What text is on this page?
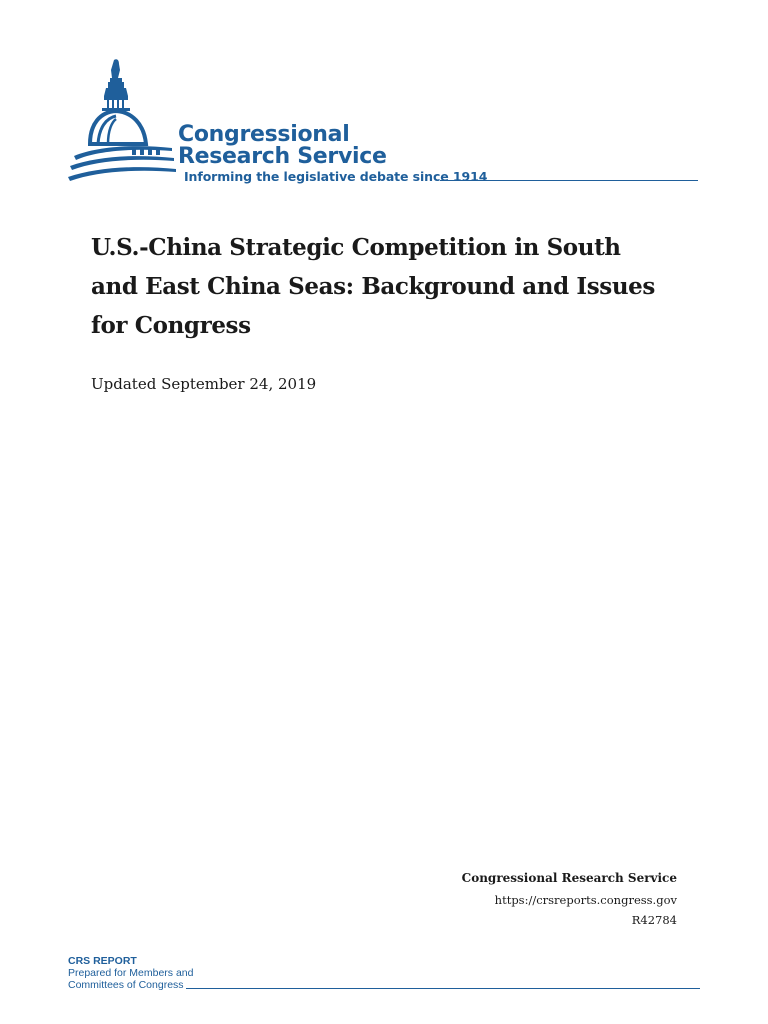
Congressional
Research Service
Informing the legislative debate since 1914
U.S.-China Strategic Competition in South
and East China Seas: Background and Issues
for Congress
Updated September 24, 2019
Congressional Research Service
https://crsreports.congress.gov
R42784
CRS REPORT
Prepared for Members and
Committees of Congress
